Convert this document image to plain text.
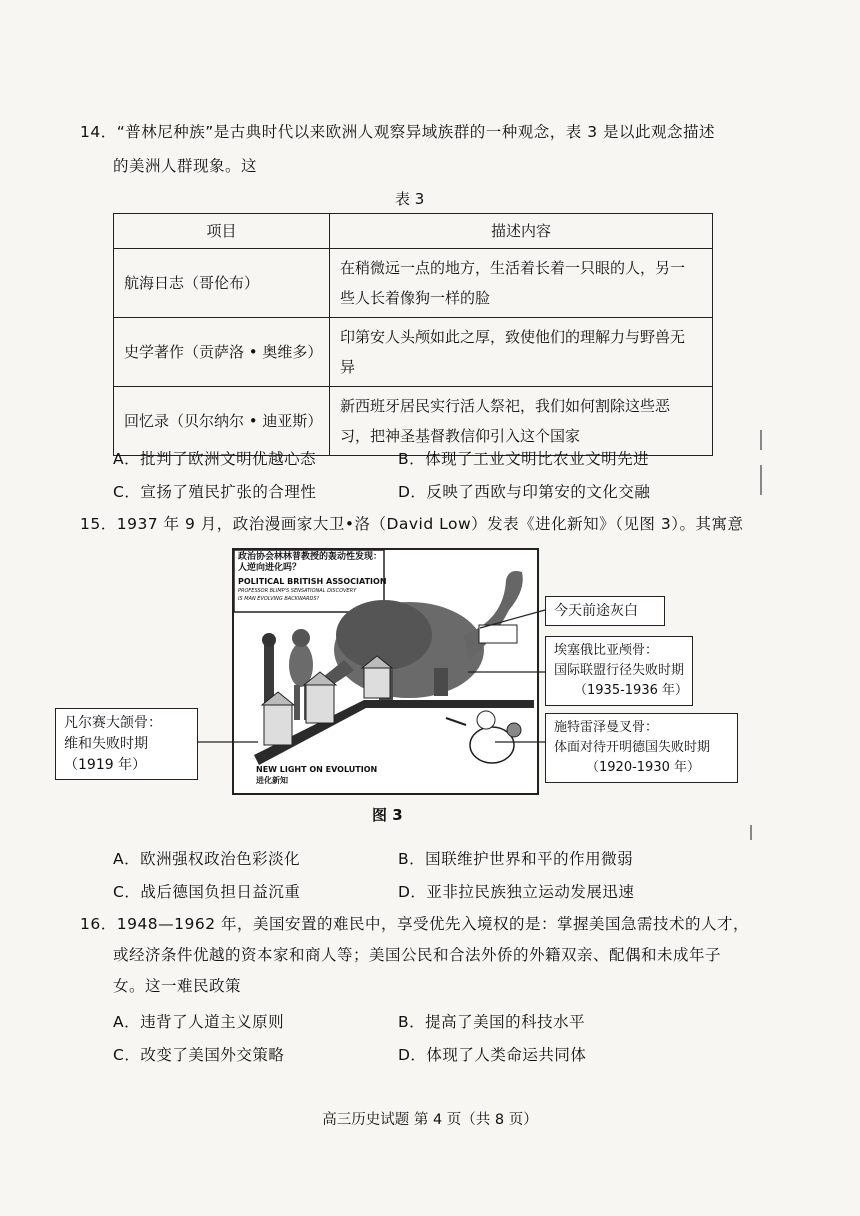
14．“普林尼种族”是古典时代以来欧洲人观察异域族群的一种观念，表 3 是以此观念描述
的美洲人群现象。这
表 3
项目	描述内容
航海日志（哥伦布）	在稍微远一点的地方，生活着长着一只眼的人，另一
些人长着像狗一样的脸
史学著作（贡萨洛 • 奥维多）	印第安人头颅如此之厚，致使他们的理解力与野兽无
异
回忆录（贝尔纳尔 • 迪亚斯）	新西班牙居民实行活人祭祀，我们如何割除这些恶
习，把神圣基督教信仰引入这个国家
A．批判了欧洲文明优越心态	B．体现了工业文明比农业文明先进
C．宣扬了殖民扩张的合理性	D．反映了西欧与印第安的文化交融
15．1937 年 9 月，政治漫画家大卫•洛（David Low）发表《进化新知》（见图 3）。其寓意
政治协会林林普教授的轰动性发现：
人逆向进化吗？
POLITICAL BRITISH ASSOCIATION
PROFESSOR BLIMP'S SENSATIONAL DISCOVERY
IS MAN EVOLVING BACKWARDS?
NEW LIGHT ON EVOLUTION
进化新知
今天前途灰白
埃塞俄比亚颅骨：
国际联盟行径失败时期
（1935-1936 年）
凡尔赛大颌骨：
维和失败时期
（1919 年）
施特雷泽曼叉骨：
体面对待开明德国失败时期
（1920-1930 年）
图 3
A．欧洲强权政治色彩淡化	B．国联维护世界和平的作用微弱
C．战后德国负担日益沉重	D．亚非拉民族独立运动发展迅速
16．1948—1962 年，美国安置的难民中，享受优先入境权的是：掌握美国急需技术的人才，
或经济条件优越的资本家和商人等；美国公民和合法外侨的外籍双亲、配偶和未成年子
女。这一难民政策
A．违背了人道主义原则	B．提高了美国的科技水平
C．改变了美国外交策略	D．体现了人类命运共同体
高三历史试题 第 4 页（共 8 页）
